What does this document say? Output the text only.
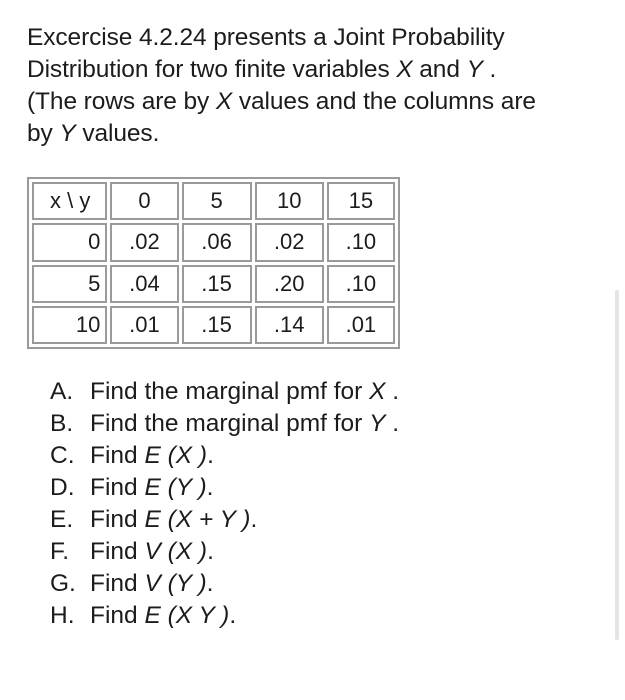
Excercise 4.2.24 presents a Joint Probability

Distribution for two finite variables X and Y .

(The rows are by X values and the columns are

by Y values.

x \ y	0	5	10	15
0	.02	.06	.02	.10
5	.04	.15	.20	.10
10	.01	.15	.14	.01
A. Find the marginal pmf for X .
B. Find the marginal pmf for Y .
C. Find E (X ).
D. Find E (Y ).
E. Find E (X + Y ).
F. Find V (X ).
G. Find V (Y ).
H. Find E (X Y ).
